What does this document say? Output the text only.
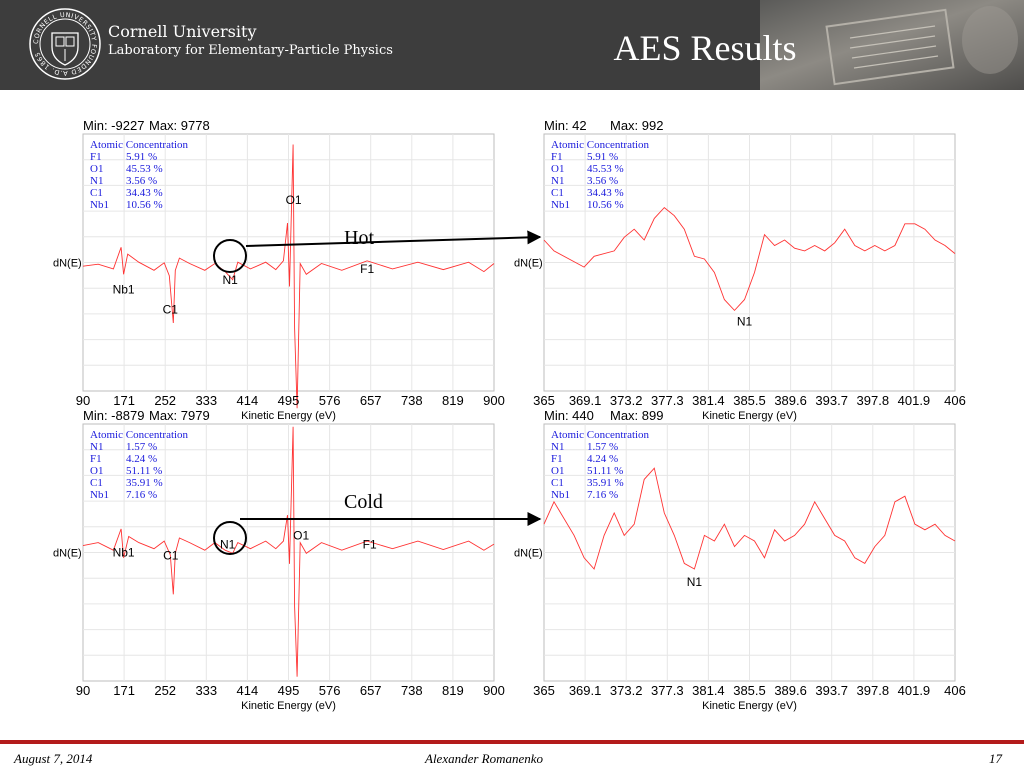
CORNELL UNIVERSITY FOUNDED A.D. 1865
Cornell University
Laboratory for Elementary-Particle Physics	AES Results
Min: -9227 Max: 9778
dN(E)
90 171 252 333 414 495 576 657 738 819 900
Kinetic Energy (eV)
Atomic Concentration
F1 5.91 %
O1 45.53 %
N1 3.56 %
C1 34.43 %
Nb1 10.56 %	O1
N1
F1
Nb1
C1
Min: 42 Max: 992
dN(E)
365 369.1 373.2 377.3 381.4 385.5 389.6 393.7 397.8 401.9 406
Kinetic Energy (eV)
Atomic Concentration
F1 5.91 %
O1 45.53 %
N1 3.56 %
C1 34.43 %
Nb1 10.56 %
N1
Min: -8879 Max: 7979
dN(E)
90 171 252 333 414 495 576 657 738 819 900
Kinetic Energy (eV)
Atomic Concentration
N1 1.57 %
F1 4.24 %
O1 51.11 %
C1 35.91 %
Nb1 7.16 %
O1
N1	F1
Nb1 C1
Min: 440 Max: 899
dN(E)
365 369.1 373.2 377.3 381.4 385.5 389.6 393.7 397.8 401.9 406
Kinetic Energy (eV)
Atomic Concentration
N1 1.57 %
F1 4.24 %
O1 51.11 %
C1 35.91 %
Nb1 7.16 %
N1
Hot
Cold
August 7, 2014	Alexander Romanenko	17
